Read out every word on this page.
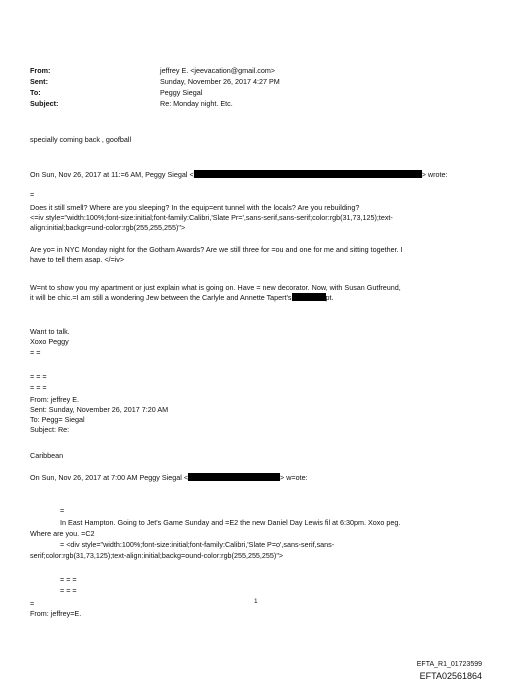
From:	jeffrey E. <jeevacation@gmail.com>
Sent:	Sunday, November 26, 2017 4:27 PM
To:	Peggy Siegal
Subject:	Re: Monday night. Etc.
specially coming back , goofball
On Sun, Nov 26, 2017 at 11:=6 AM, Peggy Siegal <	> wrote:
=
Does it still smell? Where are you sleeping? In the equip=ent tunnel with the locals? Are you rebuilding?
<=iv style="width:100%;font-size:initial;font-family:Calibri,'Slate Pr=',sans-serif,sans-serif;color:rgb(31,73,125);text-
align:initial;backgr=und-color:rgb(255,255,255)">
Are yo= in NYC Monday night for the Gotham Awards? Are we still three for =ou and one for me and sitting together. I
have to tell them asap. </=iv>
W=nt to show you my apartment or just explain what is going on. Have = new decorator. Now, with Susan Gutfreund,
it will be chic.=I am still a wondering Jew between the Carlyle and Annette Tapert's	pt.
Want to talk.
Xoxo Peggy
= =
= = =
= = =
From: jeffrey E.
Sent: Sunday, November 26, 2017 7:20 AM
To: Pegg= Siegal
Subject: Re:
Caribbean
On Sun, Nov 26, 2017 at 7:00 AM Peggy Siegal <	> w=ote:
=
In East Hampton. Going to Jet's Game Sunday and =E2 the new Daniel Day Lewis fil at 6:30pm. Xoxo peg.
Where are you. =C2
= <div style="width:100%;font-size:initial;font-family:Calibri,'Slate P=o',sans-serif,sans-
serif;color:rgb(31,73,125);text-align:initial;backg=ound-color:rgb(255,255,255)">
= = =
= = =
=
From: jeffrey=E.
1
EFTA_R1_01723599
EFTA02561864
